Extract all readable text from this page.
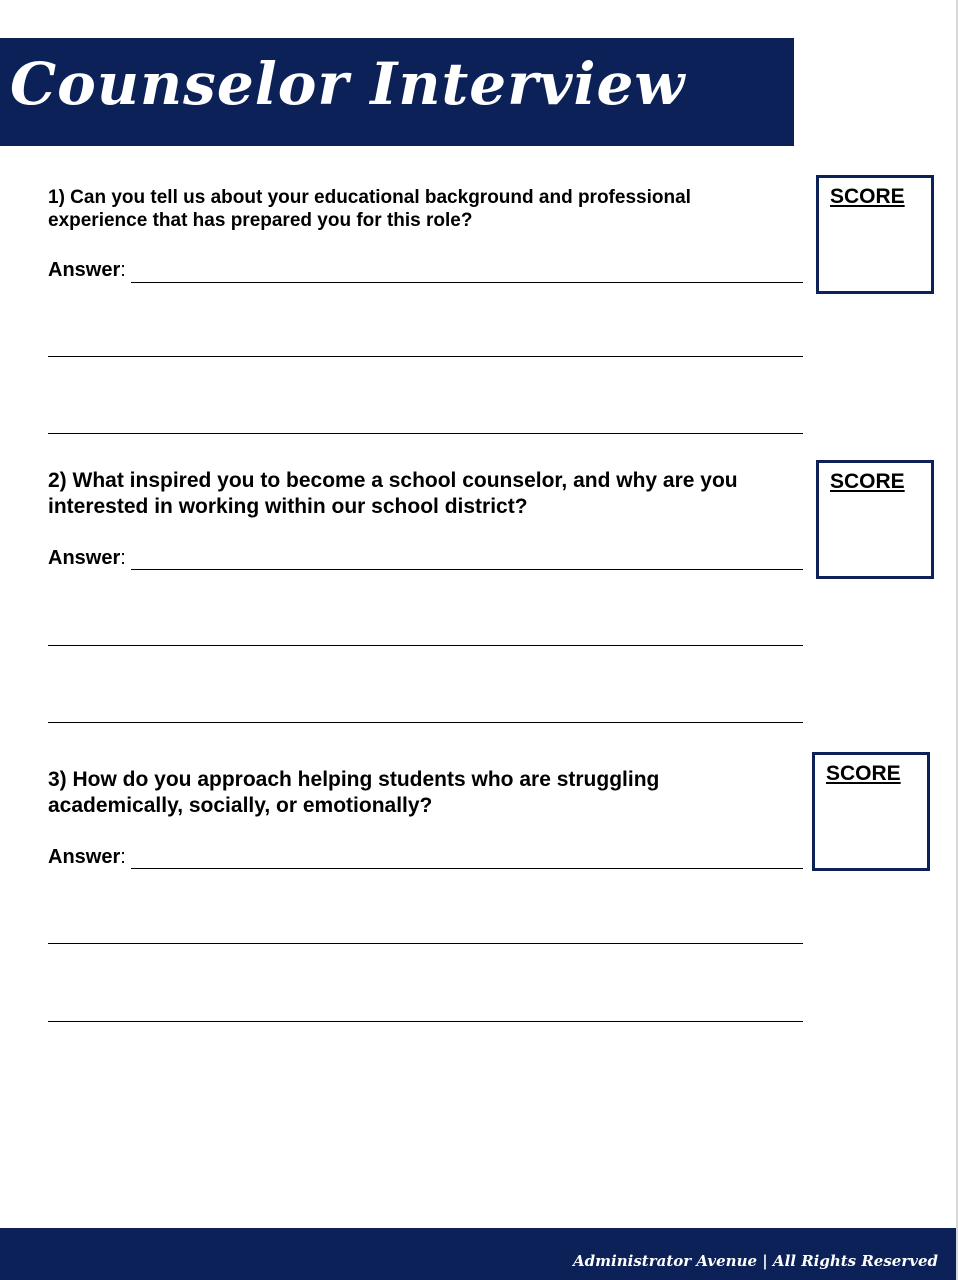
Counselor Interview
1) Can you tell us about your educational background and professional experience that has prepared you for this role?
Answer:
SCORE
2) What inspired you to become a school counselor, and why are you interested in working within our school district?
Answer:
SCORE
3) How do you approach helping students who are struggling academically, socially, or emotionally?
Answer:
SCORE
Administrator Avenue | All Rights Reserved
